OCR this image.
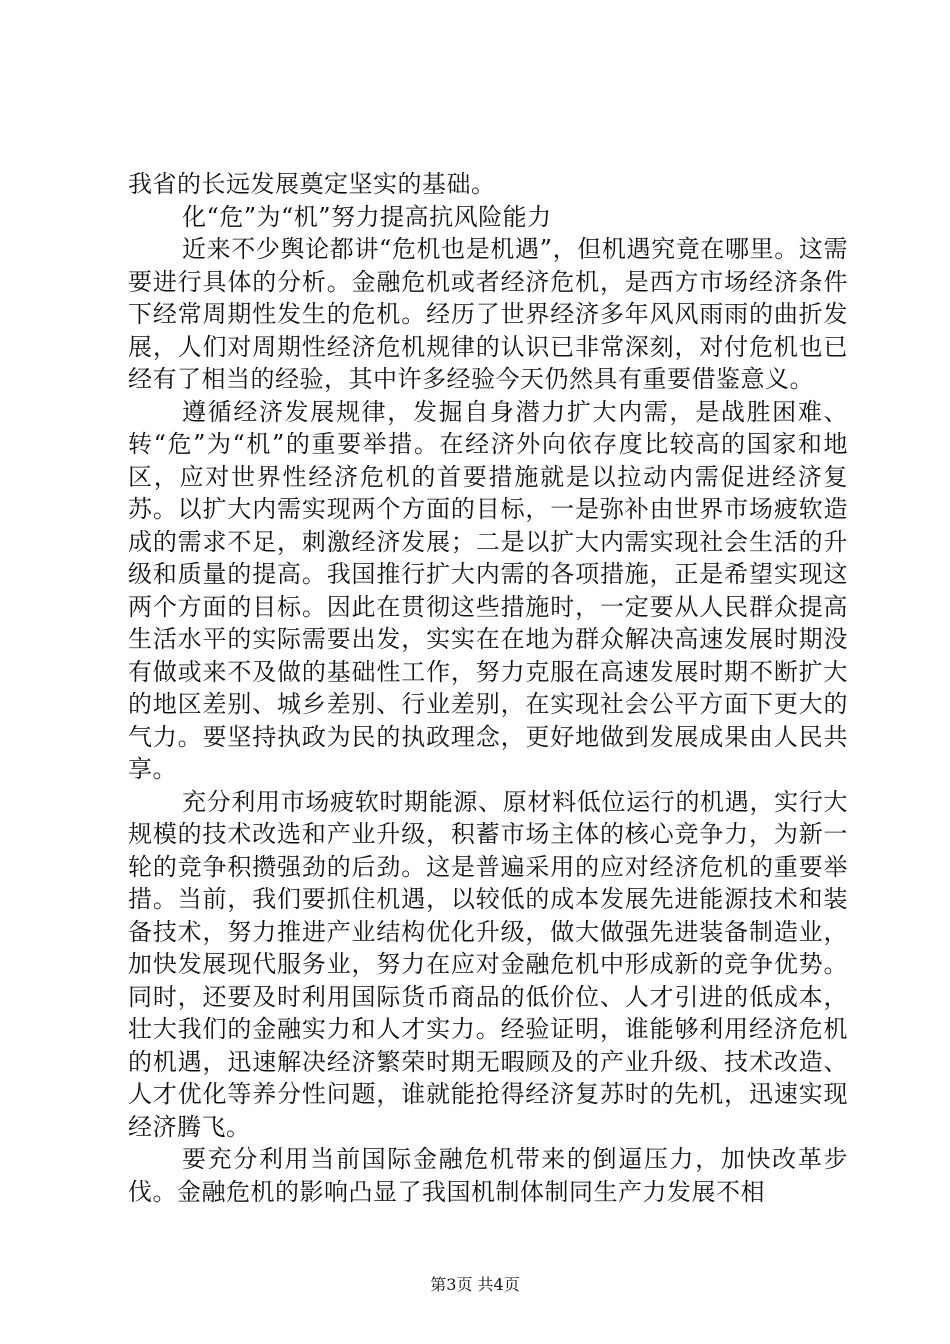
我省的长远发展奠定坚实的基础。

化“危”为“机”努力提高抗风险能力

近来不少舆论都讲“危机也是机遇”，但机遇究竟在哪里。这需要进行具体的分析。金融危机或者经济危机，是西方市场经济条件下经常周期性发生的危机。经历了世界经济多年风风雨雨的曲折发展，人们对周期性经济危机规律的认识已非常深刻，对付危机也已经有了相当的经验，其中许多经验今天仍然具有重要借鉴意义。

遵循经济发展规律，发掘自身潜力扩大内需，是战胜困难、转“危”为“机”的重要举措。在经济外向依存度比较高的国家和地区，应对世界性经济危机的首要措施就是以拉动内需促进经济复苏。以扩大内需实现两个方面的目标，一是弥补由世界市场疲软造成的需求不足，刺激经济发展；二是以扩大内需实现社会生活的升级和质量的提高。我国推行扩大内需的各项措施，正是希望实现这两个方面的目标。因此在贯彻这些措施时，一定要从人民群众提高生活水平的实际需要出发，实实在在地为群众解决高速发展时期没有做或来不及做的基础性工作，努力克服在高速发展时期不断扩大的地区差别、城乡差别、行业差别，在实现社会公平方面下更大的气力。要坚持执政为民的执政理念，更好地做到发展成果由人民共享。

充分利用市场疲软时期能源、原材料低位运行的机遇，实行大规模的技术改选和产业升级，积蓄市场主体的核心竞争力，为新一轮的竞争积攒强劲的后劲。这是普遍采用的应对经济危机的重要举措。当前，我们要抓住机遇，以较低的成本发展先进能源技术和装备技术，努力推进产业结构优化升级，做大做强先进装备制造业，加快发展现代服务业，努力在应对金融危机中形成新的竞争优势。同时，还要及时利用国际货币商品的低价位、人才引进的低成本，壮大我们的金融实力和人才实力。经验证明，谁能够利用经济危机的机遇，迅速解决经济繁荣时期无暇顾及的产业升级、技术改造、人才优化等养分性问题，谁就能抢得经济复苏时的先机，迅速实现经济腾飞。

要充分利用当前国际金融危机带来的倒逼压力，加快改革步伐。金融危机的影响凸显了我国机制体制同生产力发展不相

第3页 共4页
